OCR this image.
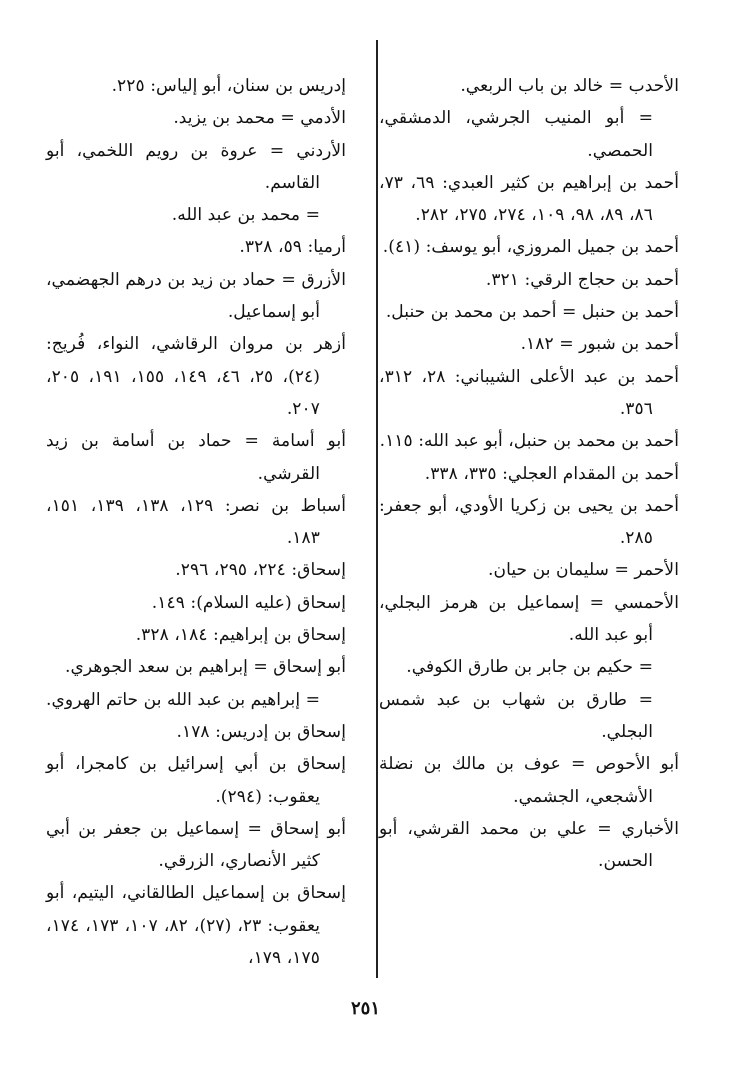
الأحدب = خالد بن باب الربعي.

= أبو المنيب الجرشي، الدمشقي، الحمصي.

أحمد بن إبراهيم بن كثير العبدي: ٦٩، ٧٣، ٨٦، ٨٩، ٩٨، ١٠٩، ٢٧٤، ٢٧٥، ٢٨٢.

أحمد بن جميل المروزي، أبو يوسف: (٤١).

أحمد بن حجاج الرقي: ٣٢١.

أحمد بن حنبل = أحمد بن محمد بن حنبل.

أحمد بن شبور = ١٨٢.

أحمد بن عبد الأعلى الشيباني: ٢٨، ٣١٢، ٣٥٦.

أحمد بن محمد بن حنبل، أبو عبد الله: ١١٥.

أحمد بن المقدام العجلي: ٣٣٥، ٣٣٨.

أحمد بن يحيى بن زكريا الأودي، أبو جعفر: ٢٨٥.

الأحمر = سليمان بن حيان.

الأحمسي = إسماعيل بن هرمز البجلي، أبو عبد الله.

= حكيم بن جابر بن طارق الكوفي.

= طارق بن شهاب بن عبد شمس البجلي.

أبو الأحوص = عوف بن مالك بن نضلة الأشجعي، الجشمي.

الأخباري = علي بن محمد القرشي، أبو الحسن.

إدريس بن سنان، أبو إلياس: ٢٢٥.

الأدمي = محمد بن يزيد.

الأردني = عروة بن رويم اللخمي، أبو القاسم.

= محمد بن عبد الله.

أرميا: ٥٩، ٣٢٨.

الأزرق = حماد بن زيد بن درهم الجهضمي، أبو إسماعيل.

أزهر بن مروان الرقاشي، النواء، فُريج: (٢٤)، ٢٥، ٤٦، ١٤٩، ١٥٥، ١٩١، ٢٠٥، ٢٠٧.

أبو أسامة = حماد بن أسامة بن زيد القرشي.

أسباط بن نصر: ١٢٩، ١٣٨، ١٣٩، ١٥١، ١٨٣.

إسحاق: ٢٢٤، ٢٩٥، ٢٩٦.

إسحاق (عليه السلام): ١٤٩.

إسحاق بن إبراهيم: ١٨٤، ٣٢٨.

أبو إسحاق = إبراهيم بن سعد الجوهري.

= إبراهيم بن عبد الله بن حاتم الهروي.

إسحاق بن إدريس: ١٧٨.

إسحاق بن أبي إسرائيل بن كامجرا، أبو يعقوب: (٢٩٤).

أبو إسحاق = إسماعيل بن جعفر بن أبي كثير الأنصاري، الزرقي.

إسحاق بن إسماعيل الطالقاني، اليتيم، أبو يعقوب: ٢٣، (٢٧)، ٨٢، ١٠٧، ١٧٣، ١٧٤، ١٧٥، ١٧٩،

٢٥١
